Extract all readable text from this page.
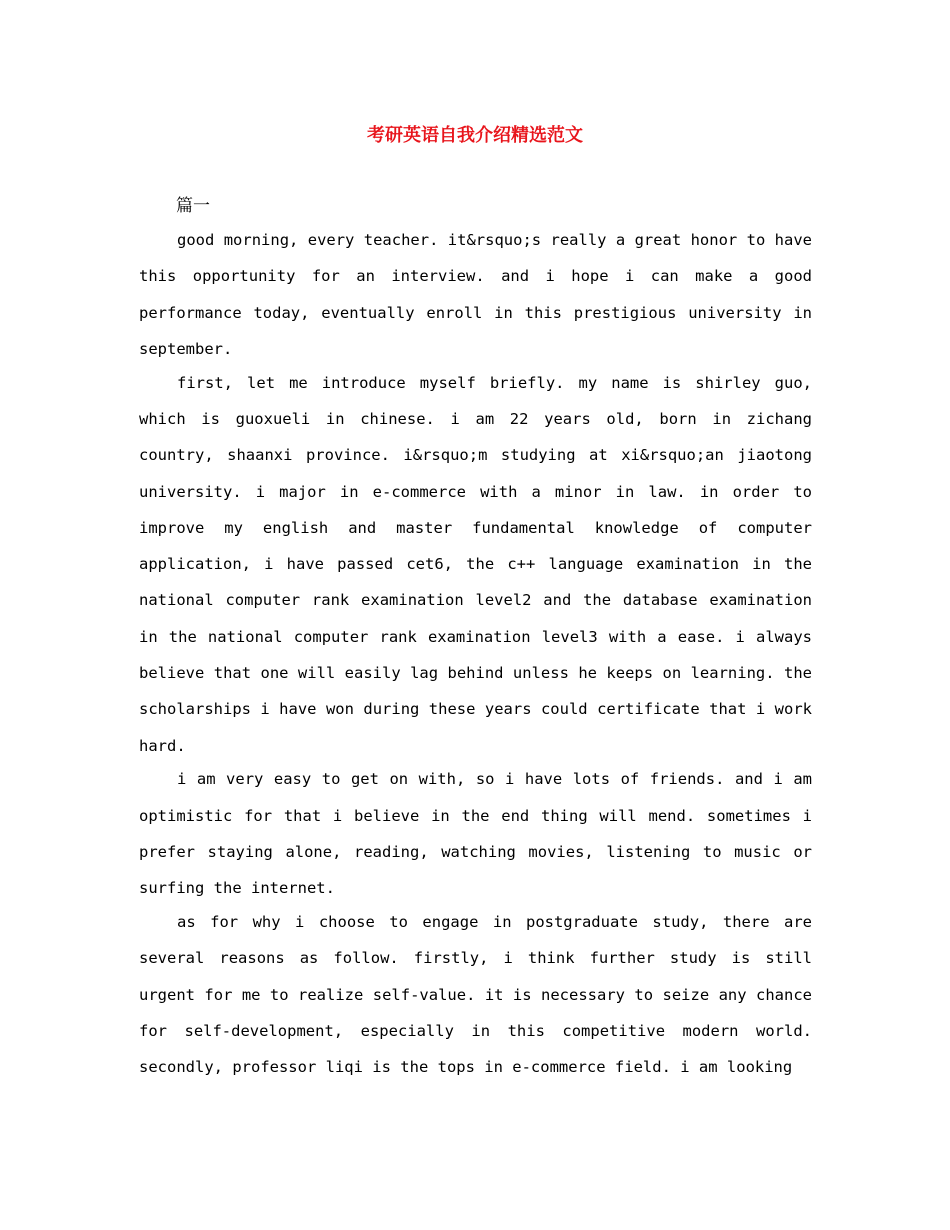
考研英语自我介绍精选范文
篇一

good morning, every teacher. it&rsquo;s really a great honor to have this opportunity for an interview. and i hope i can make a good performance today, eventually enroll in this prestigious university in september.

first, let me introduce myself briefly. my name is shirley guo, which is guoxueli in chinese. i am 22 years old, born in zichang country, shaanxi province. i&rsquo;m studying at xi&rsquo;an jiaotong university. i major in e-commerce with a minor in law. in order to improve my english and master fundamental knowledge of computer application, i have passed cet6, the c++ language examination in the national computer rank examination level2 and the database examination in the national computer rank examination level3 with a ease. i always believe that one will easily lag behind unless he keeps on learning. the scholarships i have won during these years could certificate that i work hard.

i am very easy to get on with, so i have lots of friends. and i am optimistic for that i believe in the end thing will mend. sometimes i prefer staying alone, reading, watching movies, listening to music or surfing the internet.

as for why i choose to engage in postgraduate study, there are several reasons as follow. firstly, i think further study is still urgent for me to realize self-value. it is necessary to seize any chance for self-development, especially in this competitive modern world. secondly, professor liqi is the tops in e-commerce field. i am looking
